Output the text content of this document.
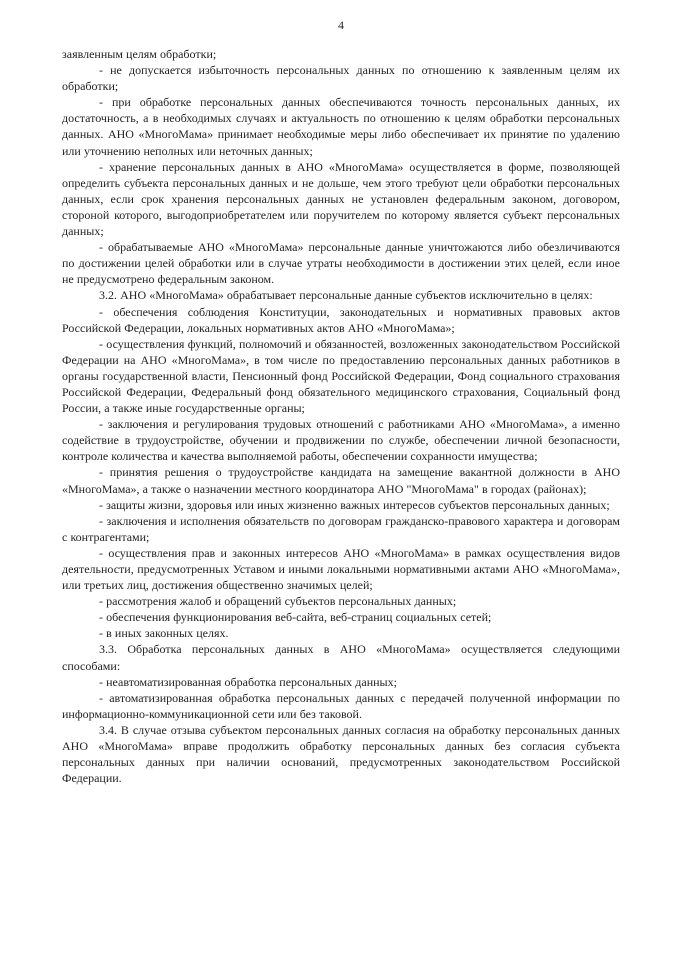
4

заявленным целям обработки;

- не допускается избыточность персональных данных по отношению к заявленным целям их обработки;

- при обработке персональных данных обеспечиваются точность персональных данных, их достаточность, а в необходимых случаях и актуальность по отношению к целям обработки персональных данных. АНО «МногоМама» принимает необходимые меры либо обеспечивает их принятие по удалению или уточнению неполных или неточных данных;

- хранение персональных данных в АНО «МногоМама» осуществляется в форме, позволяющей определить субъекта персональных данных и не дольше, чем этого требуют цели обработки персональных данных, если срок хранения персональных данных не установлен федеральным законом, договором, стороной которого, выгодоприобретателем или поручителем по которому является субъект персональных данных;

- обрабатываемые АНО «МногоМама» персональные данные уничтожаются либо обезличиваются по достижении целей обработки или в случае утраты необходимости в достижении этих целей, если иное не предусмотрено федеральным законом.

3.2. АНО «МногоМама» обрабатывает персональные данные субъектов исключительно в целях:

- обеспечения соблюдения Конституции, законодательных и нормативных правовых актов Российской Федерации, локальных нормативных актов АНО «МногоМама»;

- осуществления функций, полномочий и обязанностей, возложенных законодательством Российской Федерации на АНО «МногоМама», в том числе по предоставлению персональных данных работников в органы государственной власти, Пенсионный фонд Российской Федерации, Фонд социального страхования Российской Федерации, Федеральный фонд обязательного медицинского страхования, Социальный фонд России, а также иные государственные органы;

- заключения и регулирования трудовых отношений с работниками АНО «МногоМама», а именно содействие в трудоустройстве, обучении и продвижении по службе, обеспечении личной безопасности, контроле количества и качества выполняемой работы, обеспечении сохранности имущества;

- принятия решения о трудоустройстве кандидата на замещение вакантной должности в АНО «МногоМама», а также о назначении местного координатора АНО "МногоМама" в городах (районах);

- защиты жизни, здоровья или иных жизненно важных интересов субъектов персональных данных;

- заключения и исполнения обязательств по договорам гражданско-правового характера и договорам с контрагентами;

- осуществления прав и законных интересов АНО «МногоМама» в рамках осуществления видов деятельности, предусмотренных Уставом и иными локальными нормативными актами АНО «МногоМама», или третьих лиц, достижения общественно значимых целей;

- рассмотрения жалоб и обращений субъектов персональных данных;

- обеспечения функционирования веб-сайта, веб-страниц социальных сетей;

- в иных законных целях.

3.3. Обработка персональных данных в АНО «МногоМама» осуществляется следующими способами:

- неавтоматизированная обработка персональных данных;

- автоматизированная обработка персональных данных с передачей полученной информации по информационно-коммуникационной сети или без таковой.

3.4. В случае отзыва субъектом персональных данных согласия на обработку персональных данных АНО «МногоМама» вправе продолжить обработку персональных данных без согласия субъекта персональных данных при наличии оснований, предусмотренных законодательством Российской Федерации.
